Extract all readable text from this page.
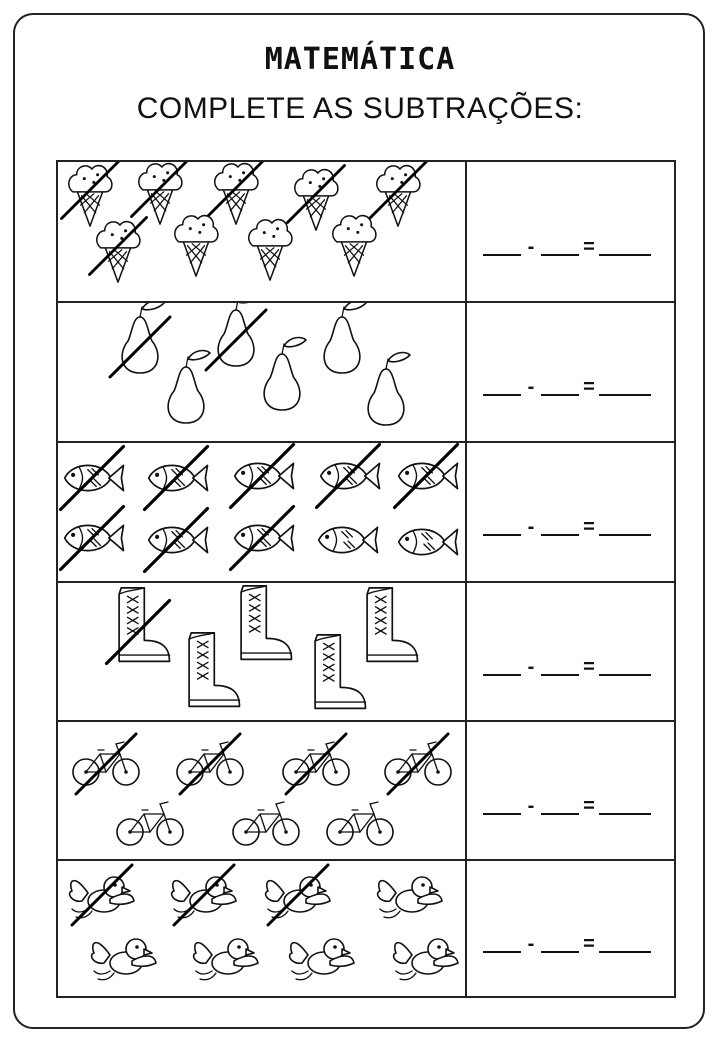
MATEMÁTICA
COMPLETE AS SUBTRAÇÕES:
-	=
-	=
-	=
-	=
-	=
-	=
